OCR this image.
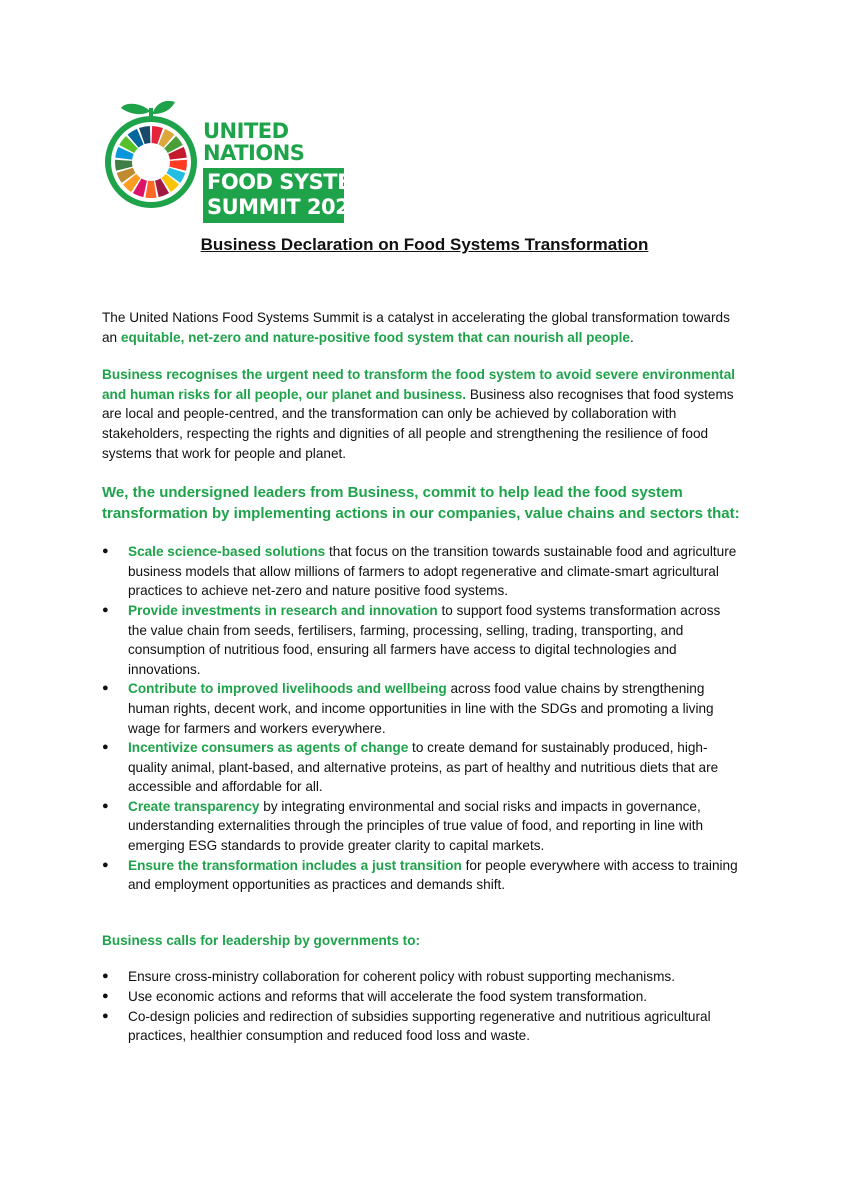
UNITED NATIONS
FOOD SYSTEMS
SUMMIT 2021
Business Declaration on Food Systems Transformation

The United Nations Food Systems Summit is a catalyst in accelerating the global transformation towards an equitable, net-zero and nature-positive food system that can nourish all people.

Business recognises the urgent need to transform the food system to avoid severe environmental and human risks for all people, our planet and business. Business also recognises that food systems are local and people-centred, and the transformation can only be achieved by collaboration with stakeholders, respecting the rights and dignities of all people and strengthening the resilience of food systems that work for people and planet.

We, the undersigned leaders from Business, commit to help lead the food system transformation by implementing actions in our companies, value chains and sectors that:

● Scale science-based solutions that focus on the transition towards sustainable food and agriculture business models that allow millions of farmers to adopt regenerative and climate-smart agricultural practices to achieve net-zero and nature positive food systems.
● Provide investments in research and innovation to support food systems transformation across the value chain from seeds, fertilisers, farming, processing, selling, trading, transporting, and consumption of nutritious food, ensuring all farmers have access to digital technologies and innovations.
● Contribute to improved livelihoods and wellbeing across food value chains by strengthening human rights, decent work, and income opportunities in line with the SDGs and promoting a living wage for farmers and workers everywhere.
● Incentivize consumers as agents of change to create demand for sustainably produced, high-quality animal, plant-based, and alternative proteins, as part of healthy and nutritious diets that are accessible and affordable for all.
● Create transparency by integrating environmental and social risks and impacts in governance, understanding externalities through the principles of true value of food, and reporting in line with emerging ESG standards to provide greater clarity to capital markets.
● Ensure the transformation includes a just transition for people everywhere with access to training and employment opportunities as practices and demands shift.

Business calls for leadership by governments to:

● Ensure cross-ministry collaboration for coherent policy with robust supporting mechanisms.
● Use economic actions and reforms that will accelerate the food system transformation.
● Co-design policies and redirection of subsidies supporting regenerative and nutritious agricultural practices, healthier consumption and reduced food loss and waste.
